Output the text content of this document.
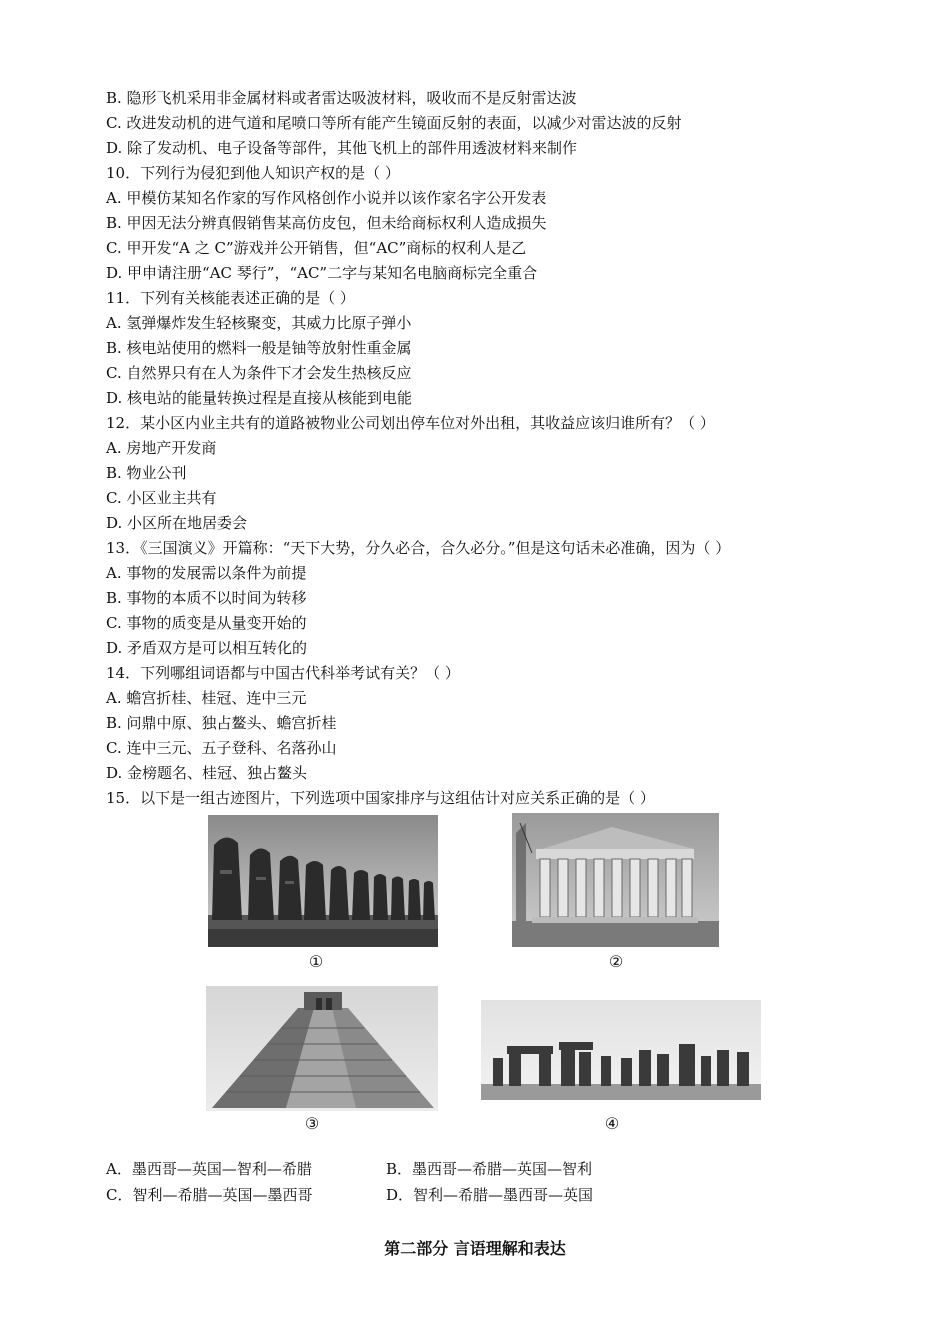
B. 隐形飞机采用非金属材料或者雷达吸波材料，吸收而不是反射雷达波
C. 改进发动机的进气道和尾喷口等所有能产生镜面反射的表面，以减少对雷达波的反射
D. 除了发动机、电子设备等部件，其他飞机上的部件用透波材料来制作
10．下列行为侵犯到他人知识产权的是（ ）
A. 甲模仿某知名作家的写作风格创作小说并以该作家名字公开发表
B. 甲因无法分辨真假销售某高仿皮包，但未给商标权利人造成损失
C. 甲开发“A 之 C”游戏并公开销售，但“AC”商标的权利人是乙
D. 甲申请注册“AC 琴行”，“AC”二字与某知名电脑商标完全重合
11．下列有关核能表述正确的是（ ）
A. 氢弹爆炸发生轻核聚变，其威力比原子弹小
B. 核电站使用的燃料一般是铀等放射性重金属
C. 自然界只有在人为条件下才会发生热核反应
D. 核电站的能量转换过程是直接从核能到电能
12．某小区内业主共有的道路被物业公司划出停车位对外出租，其收益应该归谁所有？（ ）
A. 房地产开发商
B. 物业公刊
C. 小区业主共有
D. 小区所在地居委会
13．《三国演义》开篇称：“天下大势，分久必合，合久必分。”但是这句话未必准确，因为（ ）
A. 事物的发展需以条件为前提
B. 事物的本质不以时间为转移
C. 事物的质变是从量变开始的
D. 矛盾双方是可以相互转化的
14．下列哪组词语都与中国古代科举考试有关？（ ）
A. 蟾宫折桂、桂冠、连中三元
B. 问鼎中原、独占鳌头、蟾宫折桂
C. 连中三元、五子登科、名落孙山
D. 金榜题名、桂冠、独占鳌头
15．以下是一组古迹图片，下列选项中国家排序与这组估计对应关系正确的是（ ）
①	②
③	④
A．墨西哥—英国—智利—希腊	B．墨西哥—希腊—英国—智利
C．智利—希腊—英国—墨西哥	D．智利—希腊—墨西哥—英国
第二部分 言语理解和表达
